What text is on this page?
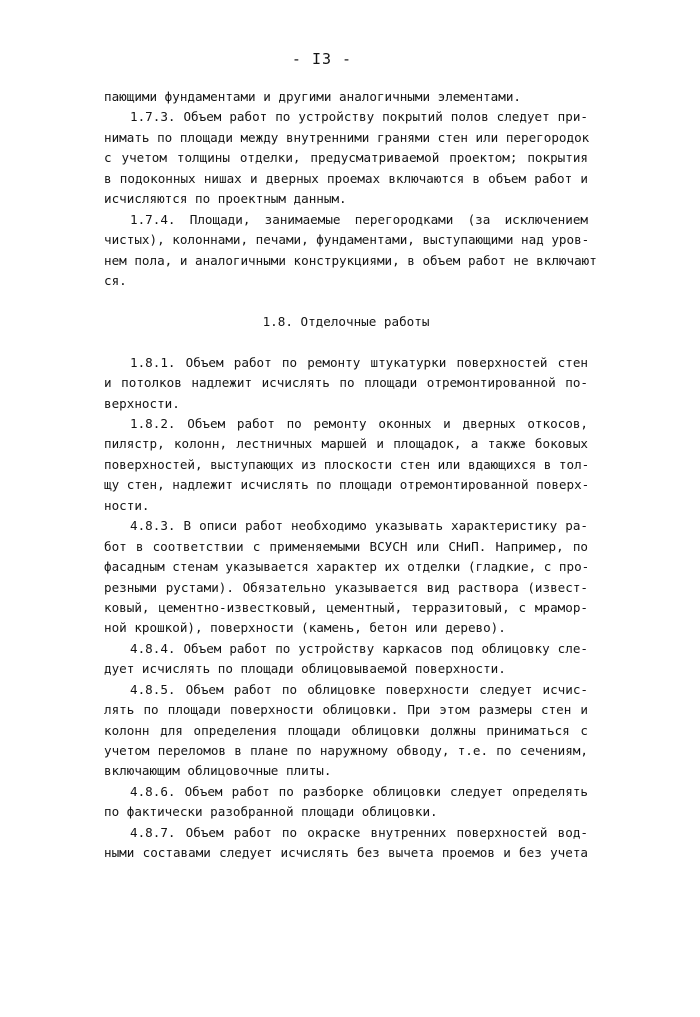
- I3 -
пающими фундаментами и другими аналогичными элементами.
1.7.3. Объем работ по устройству покрытий полов следует при-
нимать по площади между внутренними гранями стен или перегородок
с учетом толщины отделки, предусматриваемой проектом; покрытия
в подоконных нишах и дверных проемах включаются в объем работ и
исчисляются по проектным данным.
1.7.4. Площади, занимаемые перегородками (за исключением
чистых), колоннами, печами, фундаментами, выступающими над уров-
нем пола, и аналогичными конструкциями, в объем работ не включают
ся.
1.8. Отделочные работы
1.8.1. Объем работ по ремонту штукатурки поверхностей стен
и потолков надлежит исчислять по площади отремонтированной по-
верхности.
1.8.2. Объем работ по ремонту оконных и дверных откосов,
пилястр, колонн, лестничных маршей и площадок, а также боковых
поверхностей, выступающих из плоскости стен или вдающихся в тол-
щу стен, надлежит исчислять по площади отремонтированной поверх-
ности.
4.8.3. В описи работ необходимо указывать характеристику ра-
бот в соответствии с применяемыми ВСУСН или СНиП. Например, по
фасадным стенам указывается характер их отделки (гладкие, с про-
резными рустами). Обязательно указывается вид раствора (извест-
ковый, цементно-известковый, цементный, терразитовый, с мрамор-
ной крошкой), поверхности (камень, бетон или дерево).
4.8.4. Объем работ по устройству каркасов под облицовку сле-
дует исчислять по площади облицовываемой поверхности.
4.8.5. Объем работ по облицовке поверхности следует исчис-
лять по площади поверхности облицовки. При этом размеры стен и
колонн для определения площади облицовки должны приниматься с
учетом переломов в плане по наружному обводу, т.е. по сечениям,
включающим облицовочные плиты.
4.8.6. Объем работ по разборке облицовки следует определять
по фактически разобранной площади облицовки.
4.8.7. Объем работ по окраске внутренних поверхностей вод-
ными составами следует исчислять без вычета проемов и без учета
